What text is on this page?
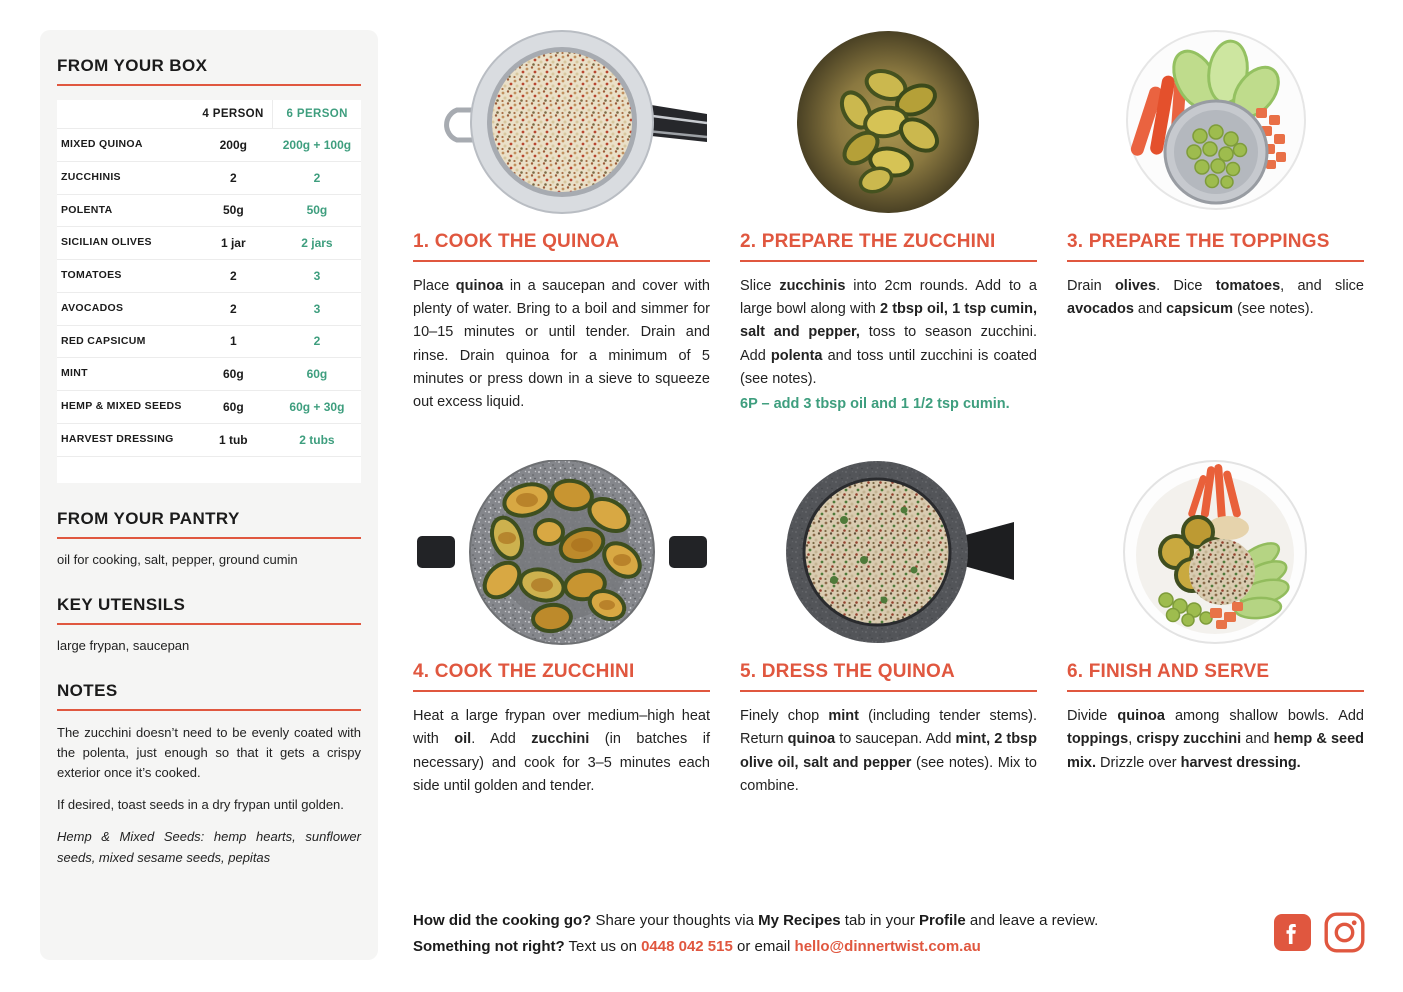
FROM YOUR BOX
	4 PERSON	6 PERSON
MIXED QUINOA	200g	200g + 100g
ZUCCHINIS	2	2
POLENTA	50g	50g
SICILIAN OLIVES	1 jar	2 jars
TOMATOES	2	3
AVOCADOS	2	3
RED CAPSICUM	1	2
MINT	60g	60g
HEMP & MIXED SEEDS	60g	60g + 30g
HARVEST DRESSING	1 tub	2 tubs
FROM YOUR PANTRY

oil for cooking, salt, pepper, ground cumin

KEY UTENSILS

large frypan, saucepan

NOTES

The zucchini doesn’t need to be evenly coated with the polenta, just enough so that it gets a crispy exterior once it’s cooked.

If desired, toast seeds in a dry frypan until golden.

Hemp & Mixed Seeds: hemp hearts, sunflower seeds, mixed sesame seeds, pepitas

1. COOK THE QUINOA

Place quinoa in a saucepan and cover with plenty of water. Bring to a boil and simmer for 10–15 minutes or until tender. Drain and rinse. Drain quinoa for a minimum of 5 minutes or press down in a sieve to squeeze out excess liquid.

2. PREPARE THE ZUCCHINI

Slice zucchinis into 2cm rounds. Add to a large bowl along with 2 tbsp oil, 1 tsp cumin, salt and pepper, toss to season zucchini. Add polenta and toss until zucchini is coated (see notes).

6P – add 3 tbsp oil and 1 1/2 tsp cumin.

3. PREPARE THE TOPPINGS

Drain olives. Dice tomatoes, and slice avocados and capsicum (see notes).

4. COOK THE ZUCCHINI

Heat a large frypan over medium–high heat with oil. Add zucchini (in batches if necessary) and cook for 3–5 minutes each side until golden and tender.

5. DRESS THE QUINOA

Finely chop mint (including tender stems). Return quinoa to saucepan. Add mint, 2 tbsp olive oil, salt and pepper (see notes). Mix to combine.

6. FINISH AND SERVE

Divide quinoa among shallow bowls. Add toppings, crispy zucchini and hemp & seed mix. Drizzle over harvest dressing.

How did the cooking go? Share your thoughts via My Recipes tab in your Profile and leave a review.

Something not right? Text us on 0448 042 515 or email hello@dinnertwist.com.au
